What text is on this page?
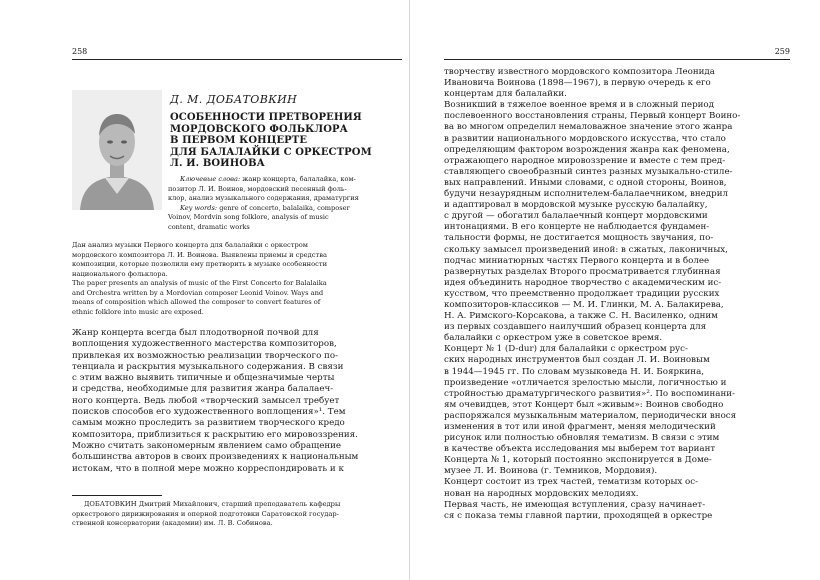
258
Д. М. ДОБАТОВКИН
ОСОБЕННОСТИ ПРЕТВОРЕНИЯ
МОРДОВСКОГО ФОЛЬКЛОРА
В ПЕРВОМ КОНЦЕРТЕ
ДЛЯ БАЛАЛАЙКИ С ОРКЕСТРОМ
Л. И. ВОИНОВА
Ключевые слова: жанр концерта, балалайка, ком-
позитор Л. И. Воинов, мордовский песенный фоль-
клор, анализ музыкального содержания, драматургия
Key words: genre of concerto, balalaika, composer
Voinov, Mordvin song folklore, analysis of music
content, dramatic works
Дан анализ музыки Первого концерта для балалайки с оркестром
мордовского композитора Л. И. Воинова. Выявлены приемы и средства
композиции, которые позволили ему претворить в музыке особенности
национального фольклора.
The paper presents an analysis of music of the First Concerto for Balalaika
and Orchestra written by a Mordovian composer Leonid Voinov. Ways and
means of composition which allowed the composer to convert features of
ethnic folklore into music are exposed.
Жанр концерта всегда был плодотворной почвой для
воплощения художественного мастерства композиторов,
привлекая их возможностью реализации творческого по-
тенциала и раскрытия музыкального содержания. В связи
с этим важно выявить типичные и общезначимые черты
и средства, необходимые для развития жанра балалаеч-
ного концерта. Ведь любой «творческий замысел требует
поисков способов его художественного воплощения»¹. Тем
самым можно проследить за развитием творческого кредо
композитора, приблизиться к раскрытию его мировоззрения.
Можно считать закономерным явлением само обращение
большинства авторов в своих произведениях к национальным
истокам, что в полной мере можно корреспондировать и к
ДОБАТОВКИН Дмитрий Михайлович, старший преподаватель кафедры
оркестрового дирижирования и оперной подготовки Саратовской государ-
ственной консерватории (академии) им. Л. В. Собинова.
259
творчеству известного мордовского композитора Леонида
Ивановича Воинова (1898—1967), в первую очередь к его
концертам для балалайки.
Возникший в тяжелое военное время и в сложный период
послевоенного восстановления страны, Первый концерт Воино-
ва во многом определил немаловажное значение этого жанра
в развитии национального мордовского искусства, что стало
определяющим фактором возрождения жанра как феномена,
отражающего народное мировоззрение и вместе с тем пред-
ставляющего своеобразный синтез разных музыкально-стиле-
вых направлений. Иными словами, с одной стороны, Воинов,
будучи незаурядным исполнителем-балалаечником, внедрил
и адаптировал в мордовской музыке русскую балалайку,
с другой — обогатил балалаечный концерт мордовскими
интонациями. В его концерте не наблюдается фундамен-
тальности формы, не достигается мощность звучания, по-
скольку замысел произведений иной: в сжатых, лаконичных,
подчас миниатюрных частях Первого концерта и в более
развернутых разделах Второго просматривается глубинная
идея объединить народное творчество с академическим ис-
кусством, что преемственно продолжает традиции русских
композиторов-классиков — М. И. Глинки, М. А. Балакирева,
Н. А. Римского-Корсакова, а также С. Н. Василенко, одним
из первых создавшего наилучший образец концерта для
балалайки с оркестром уже в советское время.
Концерт № 1 (D-dur) для балалайки с оркестром рус-
ских народных инструментов был создан Л. И. Воиновым
в 1944—1945 гг. По словам музыковеда Н. И. Бояркина,
произведение «отличается зрелостью мысли, логичностью и
стройностью драматургического развития»². По воспоминани-
ям очевидцев, этот Концерт был «живым»: Воинов свободно
распоряжался музыкальным материалом, периодически внося
изменения в тот или иной фрагмент, меняя мелодический
рисунок или полностью обновляя тематизм. В связи с этим
в качестве объекта исследования мы выберем тот вариант
Концерта № 1, который постоянно экспонируется в Доме-
музее Л. И. Воинова (г. Темников, Мордовия).
Концерт состоит из трех частей, тематизм которых ос-
нован на народных мордовских мелодиях.
Первая часть, не имеющая вступления, сразу начинает-
ся с показа темы главной партии, проходящей в оркестре
